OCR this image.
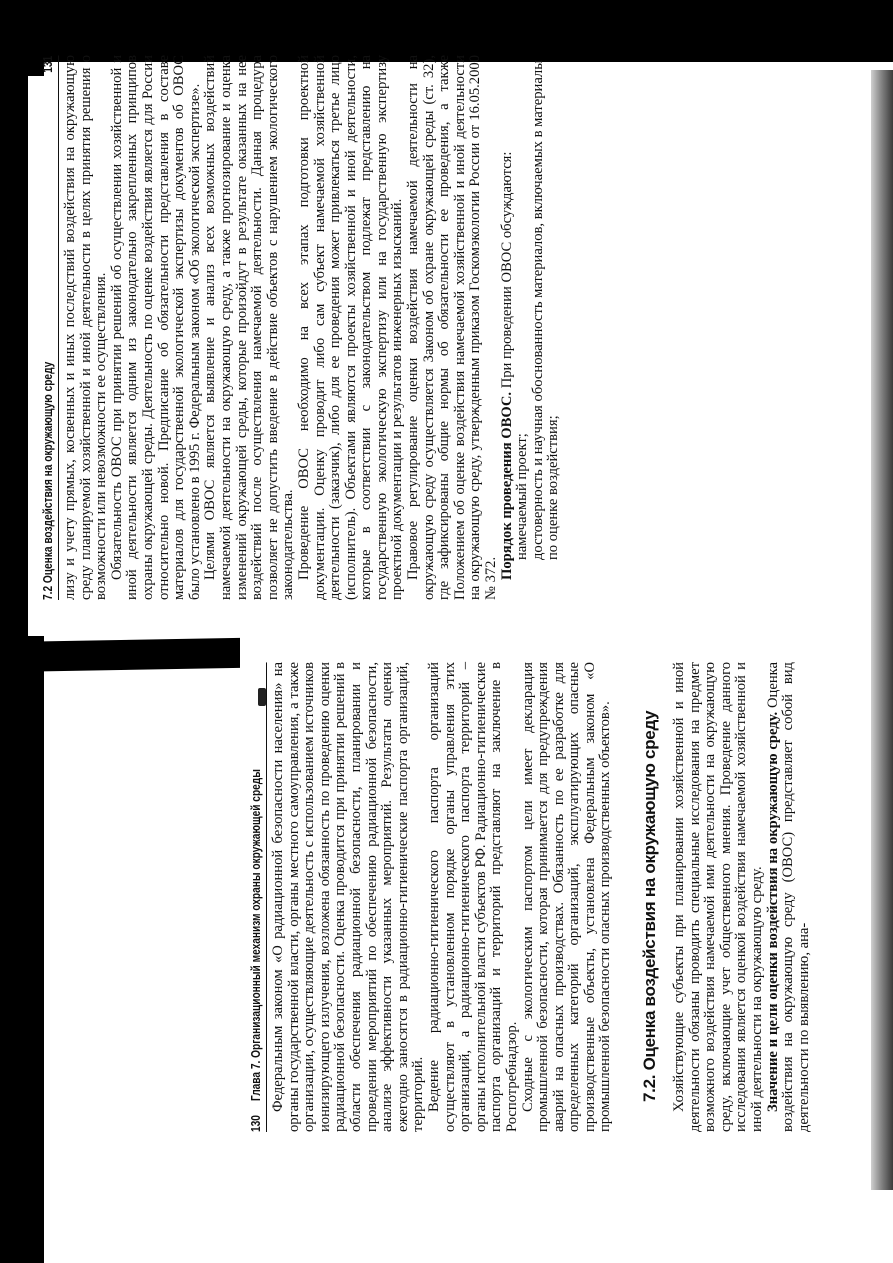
130
Глава 7. Организационный механизм охраны окружающей среды Федеральным законом «О радиационной безопасности населения» на органы государственной власти, органы местного самоуправления, а также организации, осуществляющие деятельность с использованием источников ионизирующего излучения, возложена обязанность по проведению оценки радиационной безопасности. Оценка проводится при принятии решений в области обеспечения радиационной безопасности, планировании и проведении мероприятий по обеспечению радиационной безопасности, анализе эффективности указанных мероприятий. Результаты оценки ежегодно заносятся в радиационно-гигиенические паспорта организаций, территорий. Ведение радиационно-гигиенического паспорта организаций осуществляют в установленном порядке органы управления этих организаций, а радиационно-гигиенического паспорта территорий – органы исполнительной власти субъектов РФ. Радиационно-гигиенические паспорта организаций и территорий представляют на заключение в Роспотребнадзор. Сходные с экологическим паспортом цели имеет декларация промышленной безопасности, которая принимается для предупреждения аварий на опасных производствах. Обязанность по ее разработке для определенных категорий организаций, эксплуатирующих опасные производственные объекты, установлена Федеральным законом «О промышленной безопасности опасных производственных объектов». 7.2. Оценка воздействия на окружающую среду Хозяйствующие субъекты при планировании хозяйственной и иной деятельности обязаны проводить специальные исследования на предмет возможного воздействия намечаемой ими деятельности на окружающую среду, включающие учет общественного мнения. Проведение данного исследования является оценкой воздействия намечаемой хозяйственной и иной деятельности на окружающую среду. Значение и цели оценки воздействия на окружающую среду. Оценка воздействия на окружающую среду (ОВОС) представляет собой вид деятельности по выявлению, ана-

7.2 Оценка воздействия на окружающую среду
131 лизу и учету прямых, косвенных и иных последствий воздействия на окружающую среду планируемой хозяйственной и иной деятельности в целях принятия решения о возможности или невозможности ее осуществления. Обязательность ОВОС при принятии решений об осуществлении хозяйственной и иной деятельности является одним из законодательно закрепленных принципов охраны окружающей среды. Деятельность по оценке воздействия является для России относительно новой. Предписание об обязательности представления в составе материалов для государственной экологической экспертизы документов об ОВОС было установлено в 1995 г. Федеральным законом «Об экологической экспертизе». Целями ОВОС является выявление и анализ всех возможных воздействий намечаемой деятельности на окружающую среду, а также прогнозирование и оценка изменений окружающей среды, которые произойдут в результате оказанных на нее воздействий после осуществления намечаемой деятельности. Данная процедура позволяет не допустить введение в действие объектов с нарушением экологического законодательства. Проведение ОВОС необходимо на всех этапах подготовки проектной документации. Оценку проводит либо сам субъект намечаемой хозяйственной деятельности (заказчик), либо для ее проведения может привлекаться третье лицо (исполнитель). Объектами являются проекты хозяйственной и иной деятельности, которые в соответствии с законодательством подлежат представлению на государственную экологическую экспертизу или на государственную экспертизу проектной документации и результатов инженерных изысканий. Правовое регулирование оценки воздействия намечаемой деятельности на окружающую среду осуществляется Законом об охране окружающей среды (ст. 32), где зафиксированы общие нормы об обязательности ее проведения, а также Положением об оценке воздействия намечаемой хозяйственной и иной деятельности на окружающую среду, утвержденным приказом Госкомэкологии России от 16.05.2000 № 372. Порядок проведения ОВОС. При проведении ОВОС обсуждаются:

намечаемый проект; достоверность и научная обоснованность материалов, включаемых в материалы по оценке воздействия;
